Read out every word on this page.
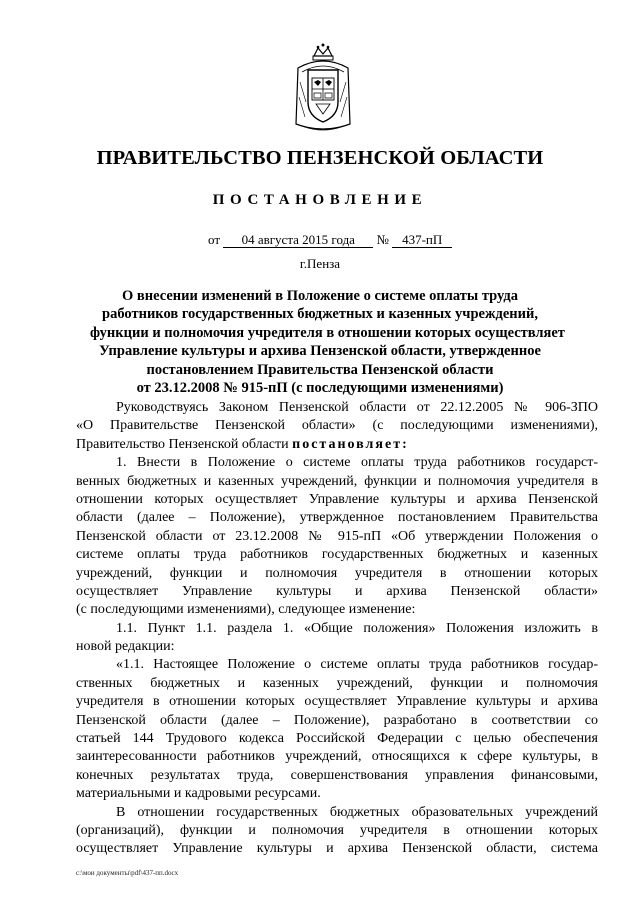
ПРАВИТЕЛЬСТВО ПЕНЗЕНСКОЙ ОБЛАСТИ
ПОСТАНОВЛЕНИЕ
от 04 августа 2015 года № 437-пП
г.Пенза
О внесении изменений в Положение о системе оплаты труда
работников государственных бюджетных и казенных учреждений,
функции и полномочия учредителя в отношении которых осуществляет
Управление культуры и архива Пензенской области, утвержденное
постановлением Правительства Пензенской области
от 23.12.2008 № 915-пП (с последующими изменениями)
Руководствуясь Законом Пензенской области от 22.12.2005 № 906-ЗПО
«О Правительстве Пензенской области» (с последующими изменениями),
Правительство Пензенской области постановляет:
1. Внести в Положение о системе оплаты труда работников государст-
венных бюджетных и казенных учреждений, функции и полномочия учредителя в
отношении которых осуществляет Управление культуры и архива Пензенской
области (далее – Положение), утвержденное постановлением Правительства
Пензенской области от 23.12.2008 № 915-пП «Об утверждении Положения о
системе оплаты труда работников государственных бюджетных и казенных
учреждений, функции и полномочия учредителя в отношении которых
осуществляет Управление культуры и архива Пензенской области»
(с последующими изменениями), следующее изменение:
1.1. Пункт 1.1. раздела 1. «Общие положения» Положения изложить в
новой редакции:
«1.1. Настоящее Положение о системе оплаты труда работников государ-
ственных бюджетных и казенных учреждений, функции и полномочия
учредителя в отношении которых осуществляет Управление культуры и архива
Пензенской области (далее – Положение), разработано в соответствии со
статьей 144 Трудового кодекса Российской Федерации с целью обеспечения
заинтересованности работников учреждений, относящихся к сфере культуры, в
конечных результатах труда, совершенствования управления финансовыми,
материальными и кадровыми ресурсами.
В отношении государственных бюджетных образовательных учреждений
(организаций), функции и полномочия учредителя в отношении которых
осуществляет Управление культуры и архива Пензенской области, система
c:\мои документы\pdf\437-пп.docx
